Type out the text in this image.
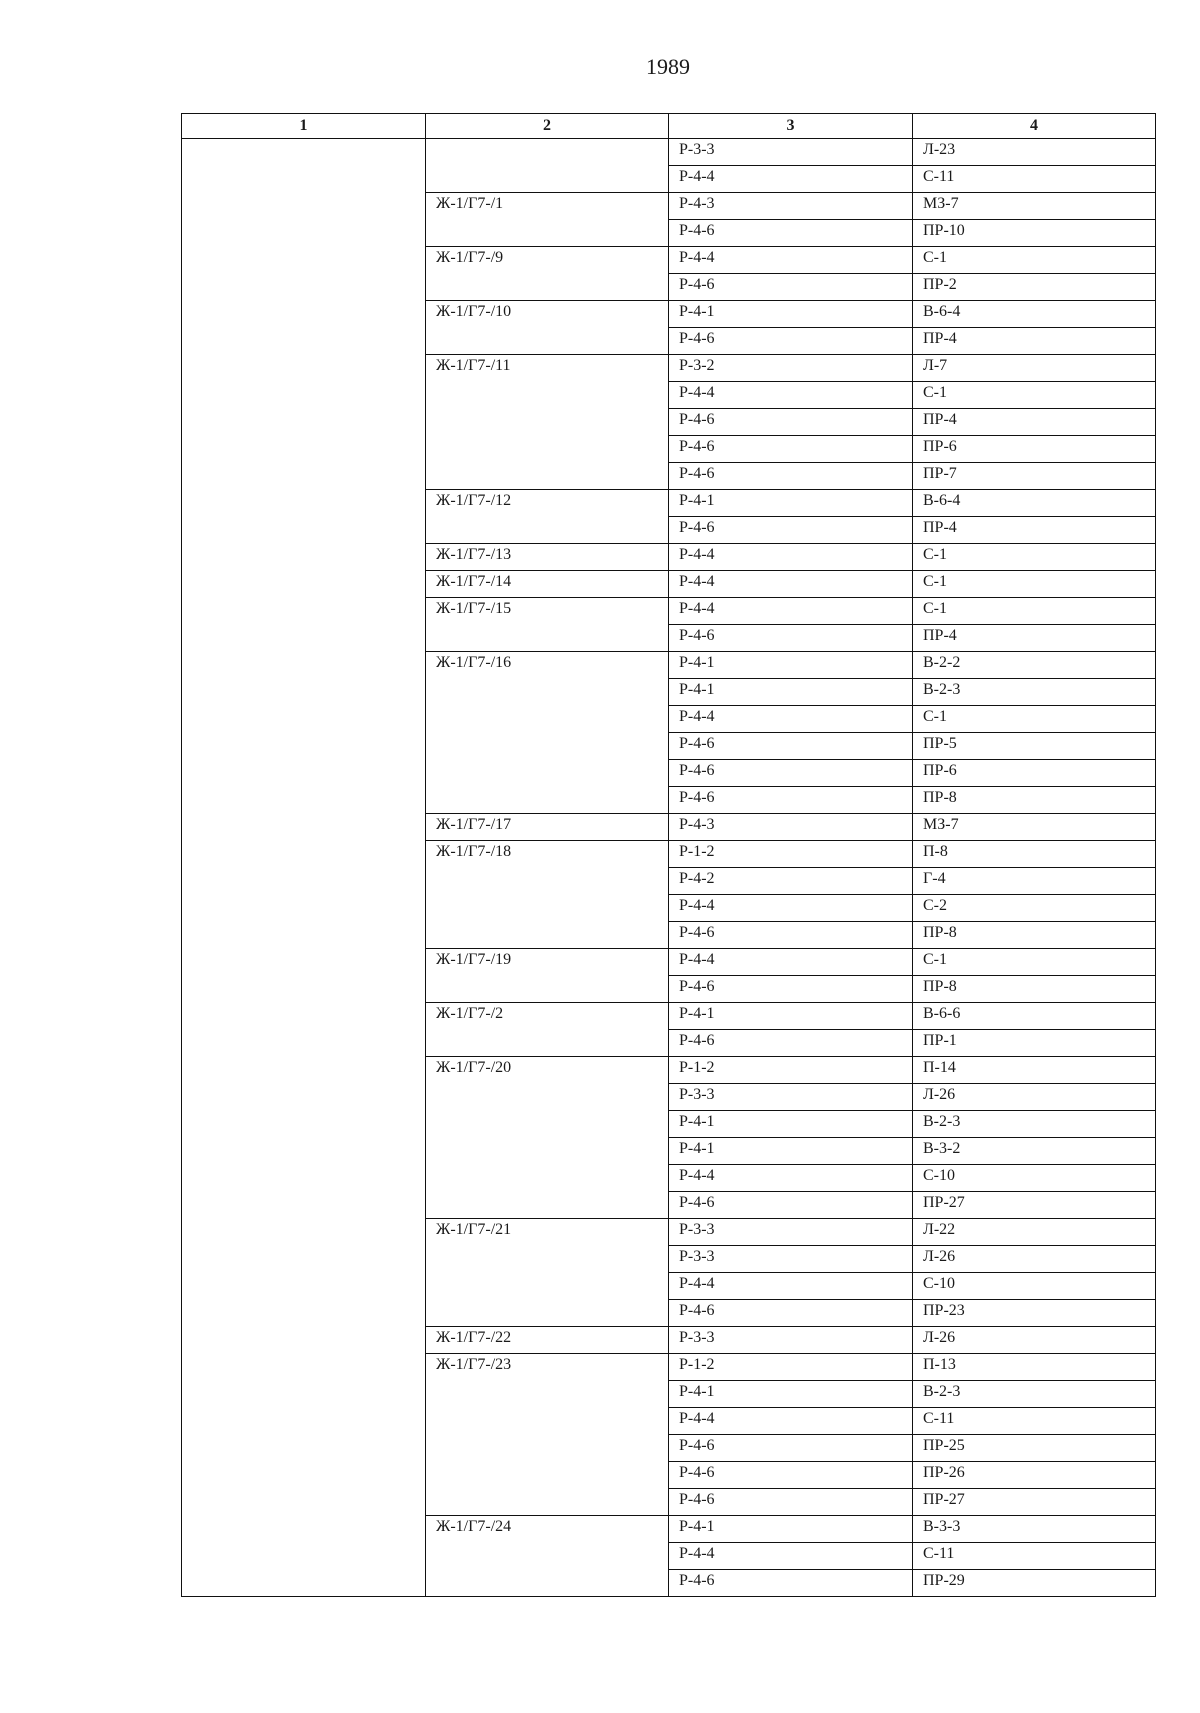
1989
1	2	3	4
		Р-3-3	Л-23
		Р-4-4	С-11
	Ж-1/Г7-/1	Р-4-3	МЗ-7
		Р-4-6	ПР-10
	Ж-1/Г7-/9	Р-4-4	С-1
		Р-4-6	ПР-2
	Ж-1/Г7-/10	Р-4-1	В-6-4
		Р-4-6	ПР-4
	Ж-1/Г7-/11	Р-3-2	Л-7
		Р-4-4	С-1
		Р-4-6	ПР-4
		Р-4-6	ПР-6
		Р-4-6	ПР-7
	Ж-1/Г7-/12	Р-4-1	В-6-4
		Р-4-6	ПР-4
	Ж-1/Г7-/13	Р-4-4	С-1
	Ж-1/Г7-/14	Р-4-4	С-1
	Ж-1/Г7-/15	Р-4-4	С-1
		Р-4-6	ПР-4
	Ж-1/Г7-/16	Р-4-1	В-2-2
		Р-4-1	В-2-3
		Р-4-4	С-1
		Р-4-6	ПР-5
		Р-4-6	ПР-6
		Р-4-6	ПР-8
	Ж-1/Г7-/17	Р-4-3	МЗ-7
	Ж-1/Г7-/18	Р-1-2	П-8
		Р-4-2	Г-4
		Р-4-4	С-2
		Р-4-6	ПР-8
	Ж-1/Г7-/19	Р-4-4	С-1
		Р-4-6	ПР-8
	Ж-1/Г7-/2	Р-4-1	В-6-6
		Р-4-6	ПР-1
	Ж-1/Г7-/20	Р-1-2	П-14
		Р-3-3	Л-26
		Р-4-1	В-2-3
		Р-4-1	В-3-2
		Р-4-4	С-10
		Р-4-6	ПР-27
	Ж-1/Г7-/21	Р-3-3	Л-22
		Р-3-3	Л-26
		Р-4-4	С-10
		Р-4-6	ПР-23
	Ж-1/Г7-/22	Р-3-3	Л-26
	Ж-1/Г7-/23	Р-1-2	П-13
		Р-4-1	В-2-3
		Р-4-4	С-11
		Р-4-6	ПР-25
		Р-4-6	ПР-26
		Р-4-6	ПР-27
	Ж-1/Г7-/24	Р-4-1	В-3-3
		Р-4-4	С-11
		Р-4-6	ПР-29
